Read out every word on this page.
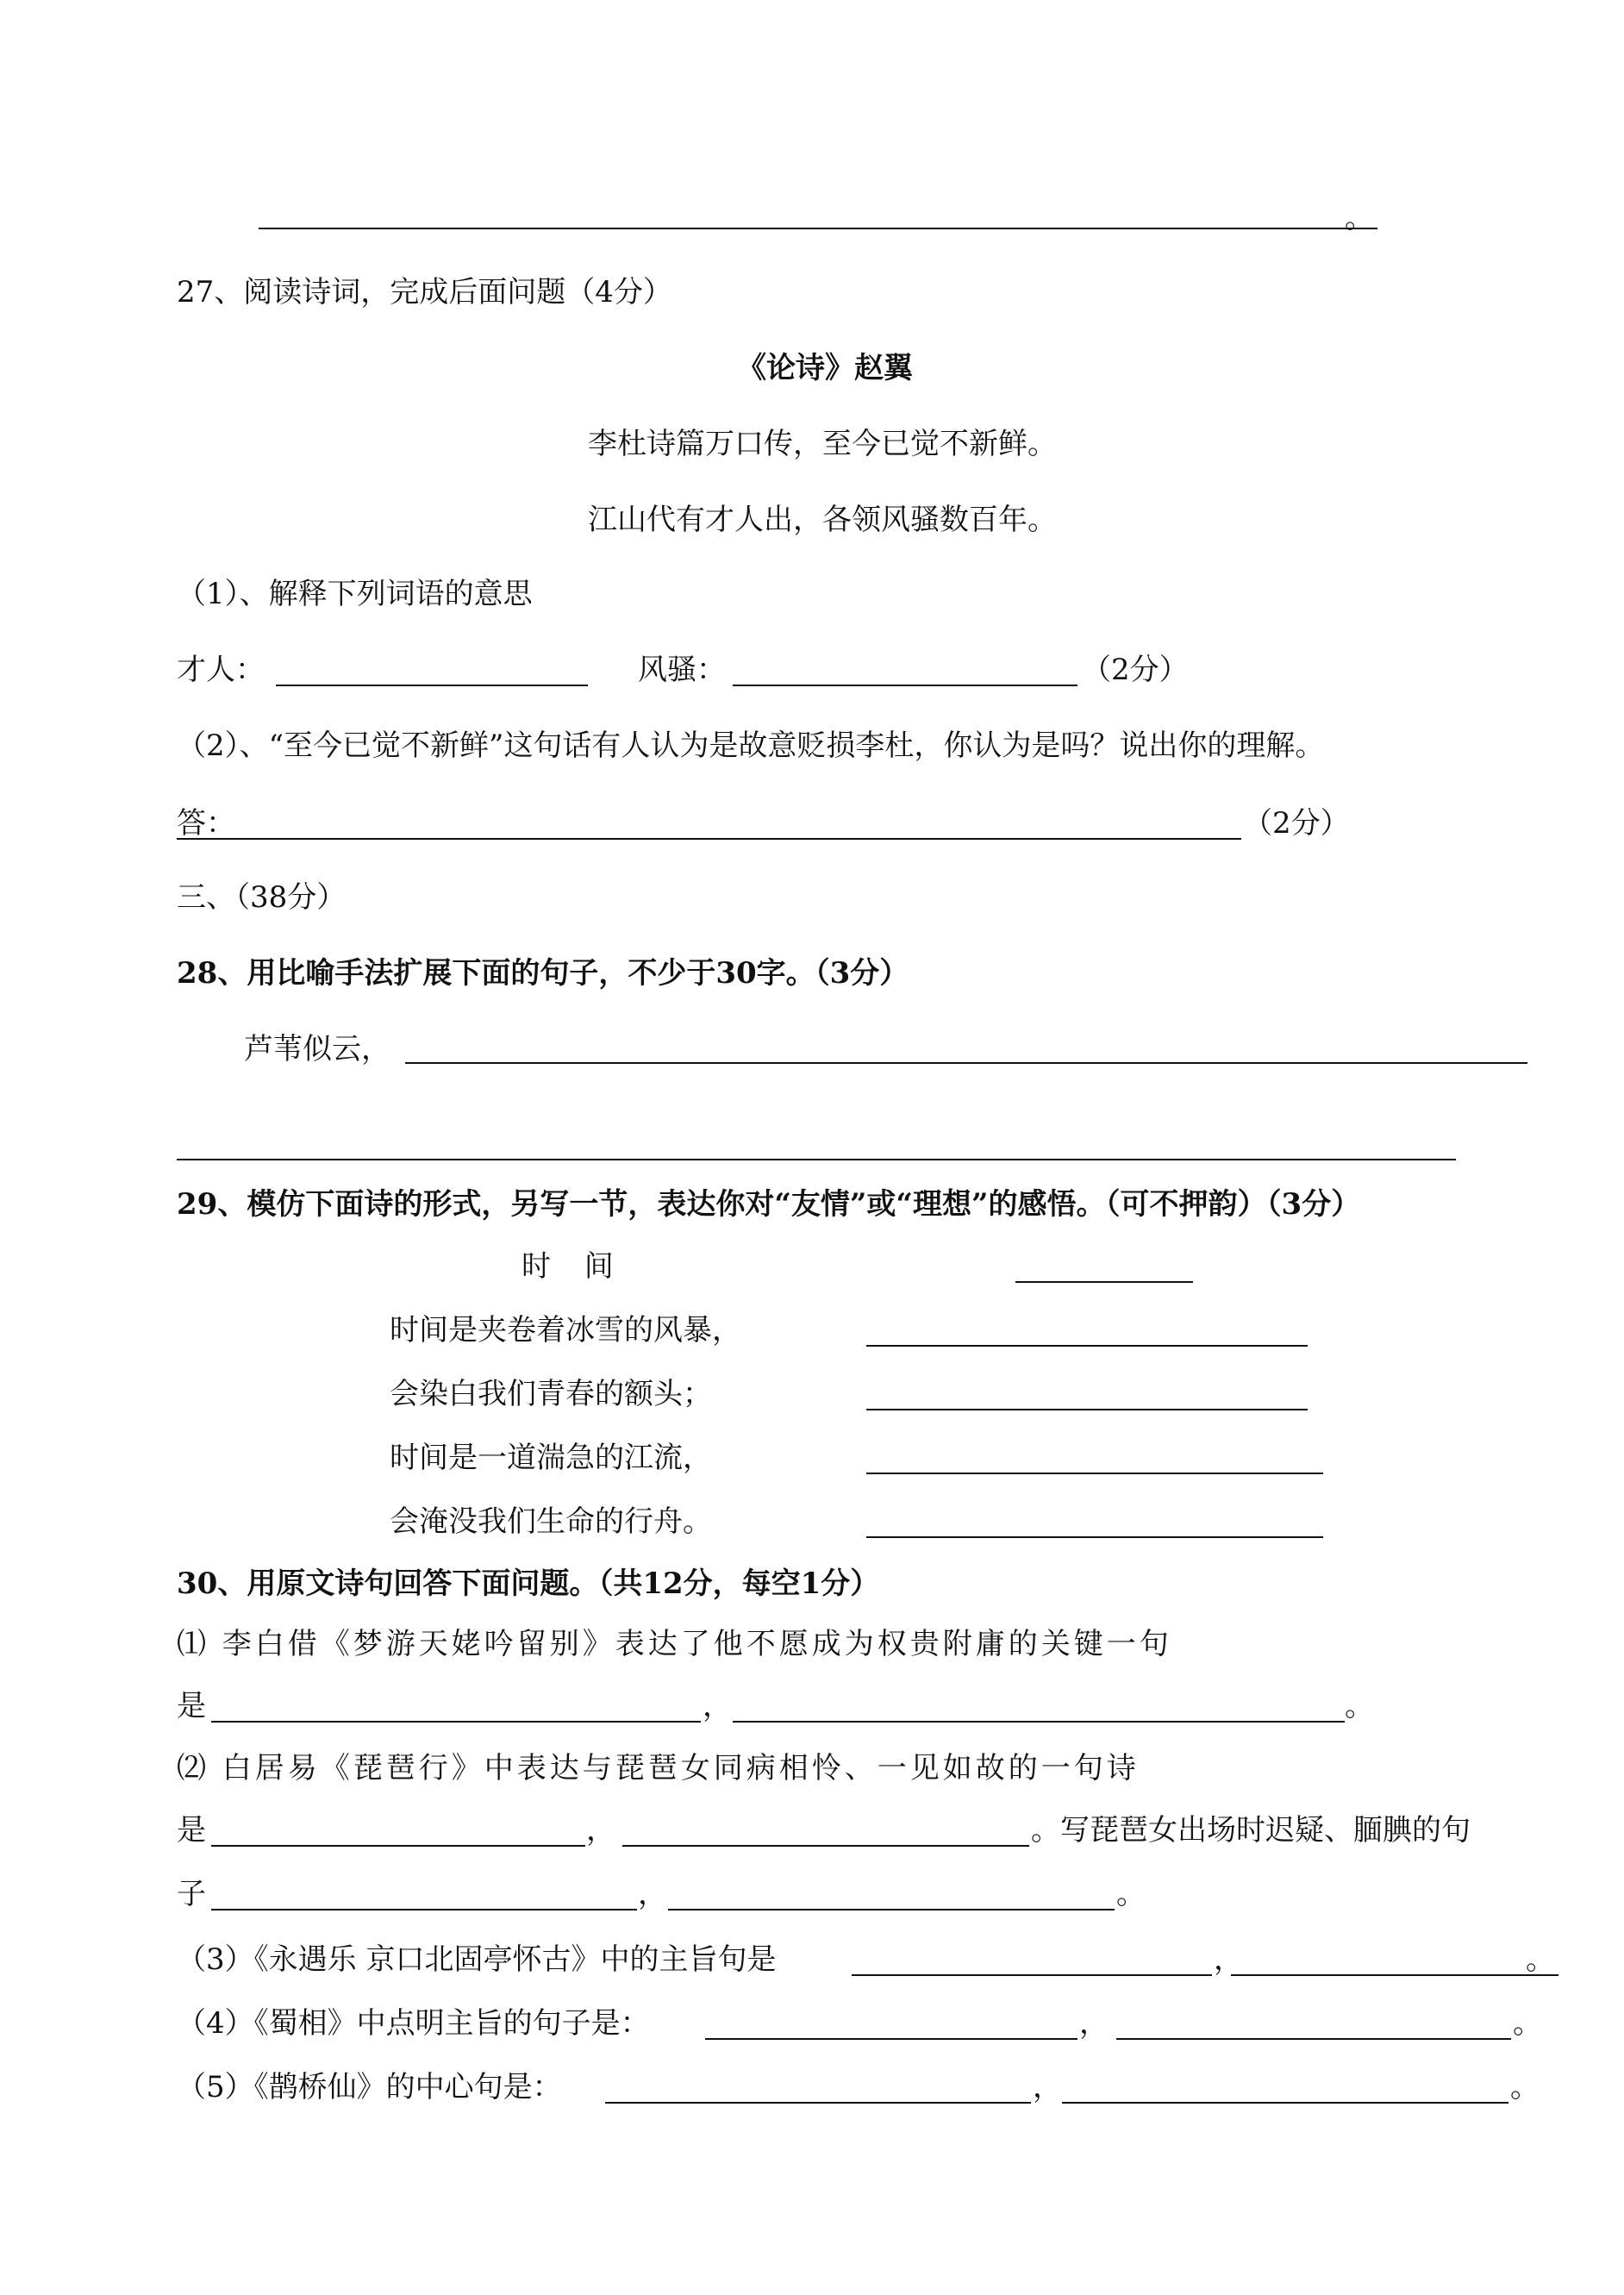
。
27、阅读诗词，完成后面问题（4分）
《论诗》赵翼
李杜诗篇万口传，至今已觉不新鲜。
江山代有才人出，各领风骚数百年。
（1）、解释下列词语的意思
才人：	风骚：	（2分）
（2）、“至今已觉不新鲜”这句话有人认为是故意贬损李杜，你认为是吗？说出你的理解。
答：	（2分）
三、（38分）
28、用比喻手法扩展下面的句子，不少于30字。（3分）
芦苇似云，
29、模仿下面诗的形式，另写一节，表达你对“友情”或“理想”的感悟。（可不押韵）（3分）
时 间
时间是夹卷着冰雪的风暴，
会染白我们青春的额头；
时间是一道湍急的江流，
会淹没我们生命的行舟。
30、用原文诗句回答下面问题。（共12分，每空1分）
⑴ 李白借《梦游天姥吟留别》表达了他不愿成为权贵附庸的关键一句
是	，	。
⑵ 白居易《琵琶行》中表达与琵琶女同病相怜、一见如故的一句诗
是	，	。写琵琶女出场时迟疑、腼腆的句
子	，	。
（3）《永遇乐 京口北固亭怀古》中的主旨句是	，	。
（4）《蜀相》中点明主旨的句子是：	，	。
（5）《鹊桥仙》的中心句是：	，	。
